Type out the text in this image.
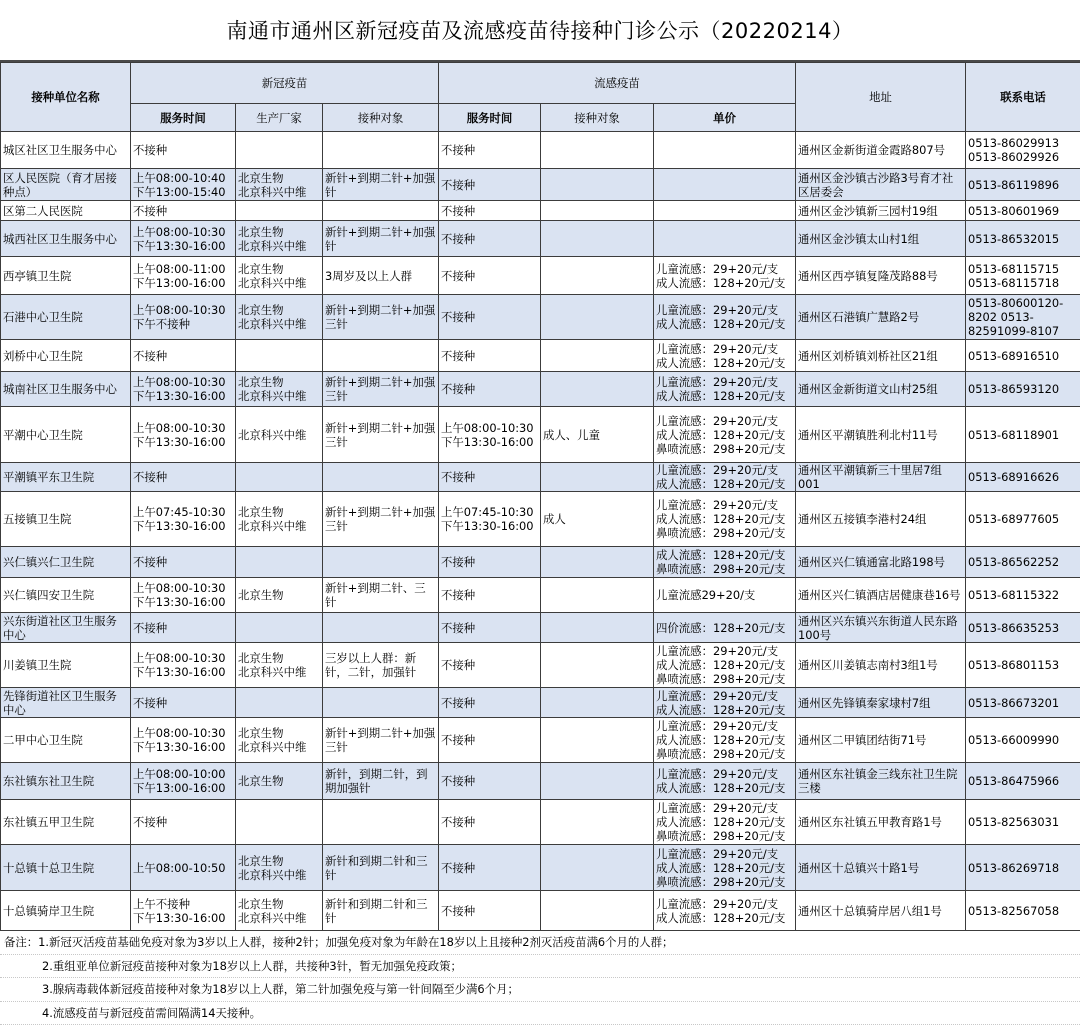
南通市通州区新冠疫苗及流感疫苗待接种门诊公示（20220214）
接种单位名称	新冠疫苗			流感疫苗			地址	联系电话
	服务时间	生产厂家	接种对象	服务时间	接种对象	单价		
城区社区卫生服务中心	不接种			不接种			通州区金新街道金霞路807号	0513-86029913
0513-86029926
区人民医院（育才居接种点）	上午08:00-10:40
下午13:00-15:40	北京生物
北京科兴中维	新针+到期二针+加强针	不接种			通州区金沙镇古沙路3号育才社区居委会	0513-86119896
区第二人民医院	不接种			不接种			通州区金沙镇新三园村19组	0513-80601969
城西社区卫生服务中心	上午08:00-10:30
下午13:30-16:00	北京生物
北京科兴中维	新针+到期二针+加强针	不接种			通州区金沙镇太山村1组	0513-86532015
西亭镇卫生院	上午08:00-11:00
下午13:00-16:00	北京生物
北京科兴中维	3周岁及以上人群	不接种		儿童流感：29+20元/支
成人流感：128+20元/支	通州区西亭镇复隆茂路88号	0513-68115715
0513-68115718
石港中心卫生院	上午08:00-10:30
下午不接种	北京生物
北京科兴中维	新针+到期二针+加强三针	不接种		儿童流感：29+20元/支
成人流感：128+20元/支	通州区石港镇广慧路2号	0513-80600120-8202 0513-82591099-8107
刘桥中心卫生院	不接种			不接种		儿童流感：29+20元/支
成人流感：128+20元/支	通州区刘桥镇刘桥社区21组	0513-68916510
城南社区卫生服务中心	上午08:00-10:30
下午13:30-16:00	北京生物
北京科兴中维	新针+到期二针+加强三针	不接种		儿童流感：29+20元/支
成人流感：128+20元/支	通州区金新街道文山村25组	0513-86593120
平潮中心卫生院	上午08:00-10:30
下午13:30-16:00	北京科兴中维	新针+到期二针+加强三针	上午08:00-10:30下午13:30-16:00	成人、儿童	儿童流感：29+20元/支
成人流感：128+20元/支
鼻喷流感：298+20元/支	通州区平潮镇胜利北村11号	0513-68118901
平潮镇平东卫生院	不接种			不接种		儿童流感：29+20元/支
成人流感：128+20元/支	通州区平潮镇新三十里居7组001	0513-68916626
五接镇卫生院	上午07:45-10:30
下午13:30-16:00	北京生物
北京科兴中维	新针+到期二针+加强三针	上午07:45-10:30下午13:30-16:00	成人	儿童流感：29+20元/支
成人流感：128+20元/支
鼻喷流感：298+20元/支	通州区五接镇李港村24组	0513-68977605
兴仁镇兴仁卫生院	不接种			不接种		成人流感：128+20元/支
鼻喷流感：298+20元/支	通州区兴仁镇通富北路198号	0513-86562252
兴仁镇四安卫生院	上午08:00-10:30
下午13:30-16:00	北京生物	新针+到期二针、三针	不接种		儿童流感29+20/支	通州区兴仁镇酒店居健康巷16号	0513-68115322
兴东街道社区卫生服务中心	不接种			不接种		四价流感：128+20元/支	通州区兴东镇兴东街道人民东路100号	0513-86635253
川姜镇卫生院	上午08:00-10:30
下午13:30-16:00	北京生物
北京科兴中维	三岁以上人群：新针，二针，加强针	不接种		儿童流感：29+20元/支
成人流感：128+20元/支
鼻喷流感：298+20元/支	通州区川姜镇志南村3组1号	0513-86801153
先锋街道社区卫生服务中心	不接种			不接种		儿童流感：29+20元/支
成人流感：128+20元/支	通州区先锋镇秦家埭村7组	0513-86673201
二甲中心卫生院	上午08:00-10:30
下午13:30-16:00	北京生物
北京科兴中维	新针+到期二针+加强三针	不接种		儿童流感：29+20元/支
成人流感：128+20元/支
鼻喷流感：298+20元/支	通州区二甲镇团结街71号	0513-66009990
东社镇东社卫生院	上午08:00-10:00
下午13:00-16:00	北京生物	新针，到期二针，到期加强针	不接种		儿童流感：29+20元/支
成人流感：128+20元/支	通州区东社镇金三线东社卫生院三楼	0513-86475966
东社镇五甲卫生院	不接种			不接种		儿童流感：29+20元/支
成人流感：128+20元/支
鼻喷流感：298+20元/支	通州区东社镇五甲教育路1号	0513-82563031
十总镇十总卫生院	上午08:00-10:50	北京生物
北京科兴中维	新针和到期二针和三针	不接种		儿童流感：29+20元/支
成人流感：128+20元/支
鼻喷流感：298+20元/支	通州区十总镇兴十路1号	0513-86269718
十总镇骑岸卫生院	上午不接种
下午13:30-16:00	北京生物
北京科兴中维	新针和到期二针和三针	不接种		儿童流感：29+20元/支
成人流感：128+20元/支	通州区十总镇骑岸居八组1号	0513-82567058
备注：1.新冠灭活疫苗基础免疫对象为3岁以上人群，接种2针；加强免疫对象为年龄在18岁以上且接种2剂灭活疫苗满6个月的人群；
2.重组亚单位新冠疫苗接种对象为18岁以上人群，共接种3针，暂无加强免疫政策；
3.腺病毒载体新冠疫苗接种对象为18岁以上人群，第二针加强免疫与第一针间隔至少满6个月；
4.流感疫苗与新冠疫苗需间隔满14天接种。
